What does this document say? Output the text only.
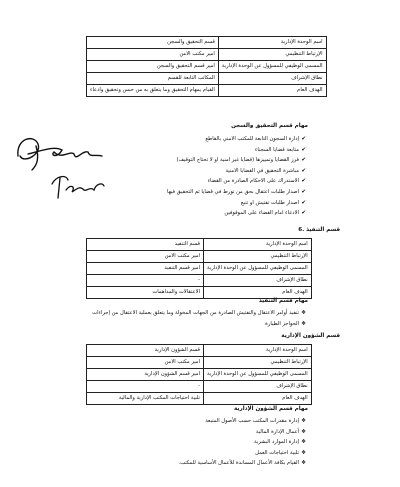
اسم الوحدة الإدارية	قسم التحقيق والسجن
الإرتباط التنظيمي	امير مكتب الامن
المسمى الوظيفي للمسؤول عن الوحدة الإدارية	امير قسم التحقيق والسجن
نطاق الإشراف	المكاتب التابعة للقسم
الهدف العام	القيام بمهام التحقيق وما يتعلق به من حبس وتحقيق وادعاء
مهام قسم التحقيق والسجن
✔إدارة السجون التابعة للمكتب الامني بالقاطع
✔متابعة قضايا السجناء
✔فرز القضايا وتمييزها (قضايا غير امنية او لا تحتاج التوقيف)
✔مباشرة التحقيق في القضايا الامنية
✔الاستدراك على الاحكام الصادرة من القضاء
✔اصدار طلبات اعتقال بحق من تورط في قضايا ثم التحقيق فيها
✔اصدار طلبات تفتيش او تتبع
✔الادعاء امام القضاء على الموقوفين
قسم التنفيذ ‌.6
اسم الوحدة الإدارية	قسم التنفيذ
الإرتباط التنظيمي	امير مكتب الامن
المسمى الوظيفي للمسؤول عن الوحدة الإدارية	امير قسم التنفيذ
نطاق الإشراف	-
الهدف العام	الاعتقالات والمداهمات
مهام قسم التنفيذ
❖تنفيذ أوامر الاعتقال والتفتيش الصادرة من الجهات المخولة وما يتعلق بعملية الاعتقال من إجراءات
❖الحواجز الطيارة
قسم الشؤون الإدارية
اسم الوحدة الإدارية	قسم الشؤون الإدارية
الإرتباط التنظيمي	امير مكتب الامن
المسمى الوظيفي للمسؤول عن الوحدة الإدارية	امير قسم الشؤون الإدارية
نطاق الإشراف	-
الهدف العام	تلبية احتياجات المكتب الإدارية والمالية
مهام قسم الشؤون الإدارية
❖إدارة مقدرات المكتب حسب الأصول المتبعة
❖أعمال الإدارة المالية
❖إدارة الموارد البشرية
❖تلبية احتياجات العمل
❖القيام بكافة الأعمال المساندة للأعمال الأساسية للمكتب.
